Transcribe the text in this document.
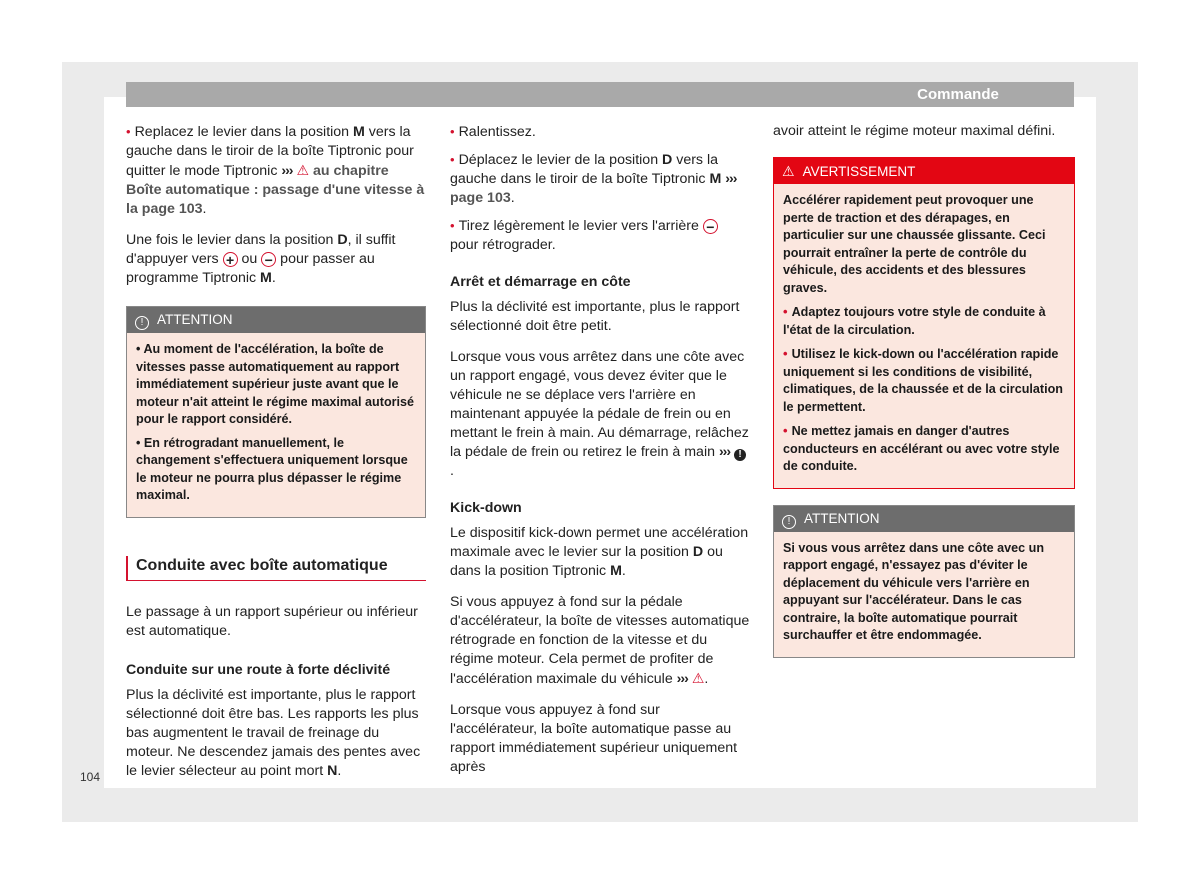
Commande

• Replacez le levier dans la position M vers la gauche dans le tiroir de la boîte Tiptronic pour quitter le mode Tiptronic ››› ⚠ au chapitre Boîte automatique : passage d'une vitesse à la page 103.

Une fois le levier dans la position D, il suffit d'appuyer vers + ou − pour passer au programme Tiptronic M.

! ATTENTION

• Au moment de l'accélération, la boîte de vitesses passe automatiquement au rapport immédiatement supérieur juste avant que le moteur n'ait atteint le régime maximal autorisé pour le rapport considéré.

• En rétrogradant manuellement, le changement s'effectuera uniquement lorsque le moteur ne pourra plus dépasser le régime maximal.

Conduite avec boîte automatique

Le passage à un rapport supérieur ou inférieur est automatique.

Conduite sur une route à forte déclivité

Plus la déclivité est importante, plus le rapport sélectionné doit être bas. Les rapports les plus bas augmentent le travail de freinage du moteur. Ne descendez jamais des pentes avec le levier sélecteur au point mort N.

• Ralentissez.

• Déplacez le levier de la position D vers la gauche dans le tiroir de la boîte Tiptronic M ››› page 103.

• Tirez légèrement le levier vers l'arrière − pour rétrograder.

Arrêt et démarrage en côte

Plus la déclivité est importante, plus le rapport sélectionné doit être petit.

Lorsque vous vous arrêtez dans une côte avec un rapport engagé, vous devez éviter que le véhicule ne se déplace vers l'arrière en maintenant appuyée la pédale de frein ou en mettant le frein à main. Au démarrage, relâchez la pédale de frein ou retirez le frein à main ››› !.

Kick-down

Le dispositif kick-down permet une accélération maximale avec le levier sur la position D ou dans la position Tiptronic M.

Si vous appuyez à fond sur la pédale d'accélérateur, la boîte de vitesses automatique rétrograde en fonction de la vitesse et du régime moteur. Cela permet de profiter de l'accélération maximale du véhicule ››› ⚠.

Lorsque vous appuyez à fond sur l'accélérateur, la boîte automatique passe au rapport immédiatement supérieur uniquement après

avoir atteint le régime moteur maximal défini.

⚠ AVERTISSEMENT

Accélérer rapidement peut provoquer une perte de traction et des dérapages, en particulier sur une chaussée glissante. Ceci pourrait entraîner la perte de contrôle du véhicule, des accidents et des blessures graves.

• Adaptez toujours votre style de conduite à l'état de la circulation.

• Utilisez le kick-down ou l'accélération rapide uniquement si les conditions de visibilité, climatiques, de la chaussée et de la circulation le permettent.

• Ne mettez jamais en danger d'autres conducteurs en accélérant ou avec votre style de conduite.

! ATTENTION

Si vous vous arrêtez dans une côte avec un rapport engagé, n'essayez pas d'éviter le déplacement du véhicule vers l'arrière en appuyant sur l'accélérateur. Dans le cas contraire, la boîte automatique pourrait surchauffer et être endommagée.

104
